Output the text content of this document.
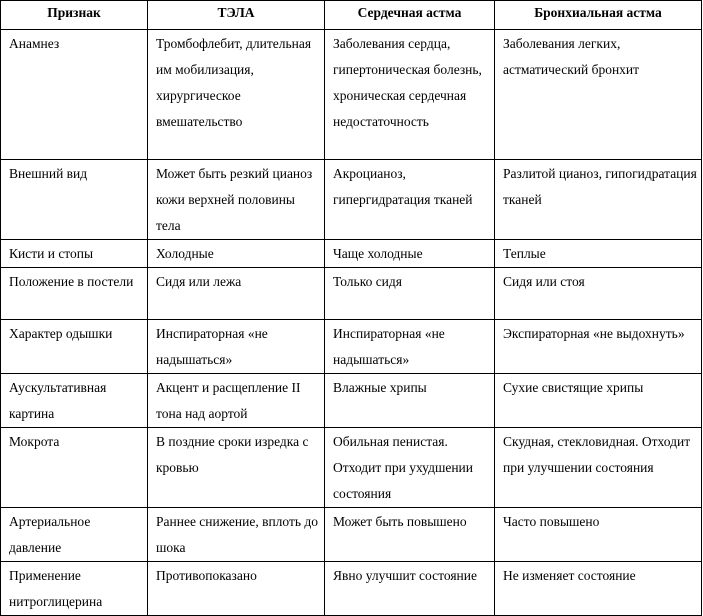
Признак	ТЭЛА	Сердечная астма	Бронхиальная астма
Анамнез	Тромбофлебит, длительная им мобилизация, хирургическое вмешательство	Заболевания сердца, гипертоническая болезнь, хроническая сердечная недостаточность	Заболевания легких, астматический бронхит
Внешний вид	Может быть резкий цианоз кожи верхней половины тела	Акроцианоз, гипергидратация тканей	Разлитой цианоз, гипогидратация тканей
Кисти и стопы	Холодные	Чаще холодные	Теплые
Положение в постели	Сидя или лежа	Только сидя	Сидя или стоя
Характер одышки	Инспираторная «не надышаться»	Инспираторная «не надышаться»	Экспираторная «не выдохнуть»
Аускультативная картина	Акцент и расщепление II тона над аортой	Влажные хрипы	Сухие свистящие хрипы
Мокрота	В поздние сроки изредка с кровью	Обильная пенистая. Отходит при ухудшении состояния	Скудная, стекловидная. Отходит при улучшении состояния
Артериальное давление	Раннее снижение, вплоть до шока	Может быть повышено	Часто повышено
Применение нитроглицерина	Противопоказано	Явно улучшит состояние	Не изменяет состояние
